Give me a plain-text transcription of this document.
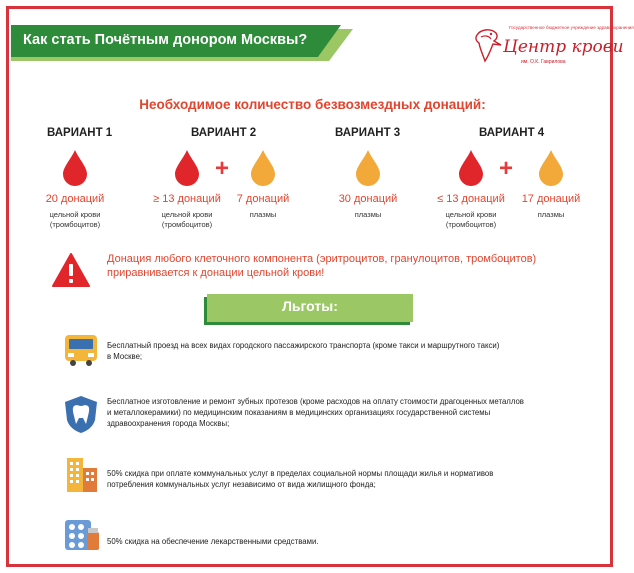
Как стать Почётным донором Москвы?
Государственное бюджетное учреждение здравоохранения
Центр крови
им. О.К. Гаврилова
Необходимое количество безвозмездных донаций:
ВАРИАНТ 1
20 донаций
цельной крови
(тромбоцитов)
ВАРИАНТ 2
+
≥ 13 донаций
цельной крови
(тромбоцитов)
7 донаций
плазмы
ВАРИАНТ 3
30 донаций
плазмы
ВАРИАНТ 4
+
≤ 13 донаций
цельной крови
(тромбоцитов)
17 донаций
плазмы
Донация любого клеточного компонента (эритроцитов, гранулоцитов, тромбоцитов)
приравнивается к донации цельной крови!
Льготы:
Бесплатный проезд на всех видах городского пассажирского транспорта (кроме такси и маршрутного такси)
в Москве;
Бесплатное изготовление и ремонт зубных протезов (кроме расходов на оплату стоимости драгоценных металлов
и металлокерамики) по медицинским показаниям в медицинских организациях государственной системы
здравоохранения города Москвы;
50% скидка при оплате коммунальных услуг в пределах социальной нормы площади жилья и нормативов
потребления коммунальных услуг независимо от вида жилищного фонда;
50% скидка на обеспечение лекарственными средствами.
